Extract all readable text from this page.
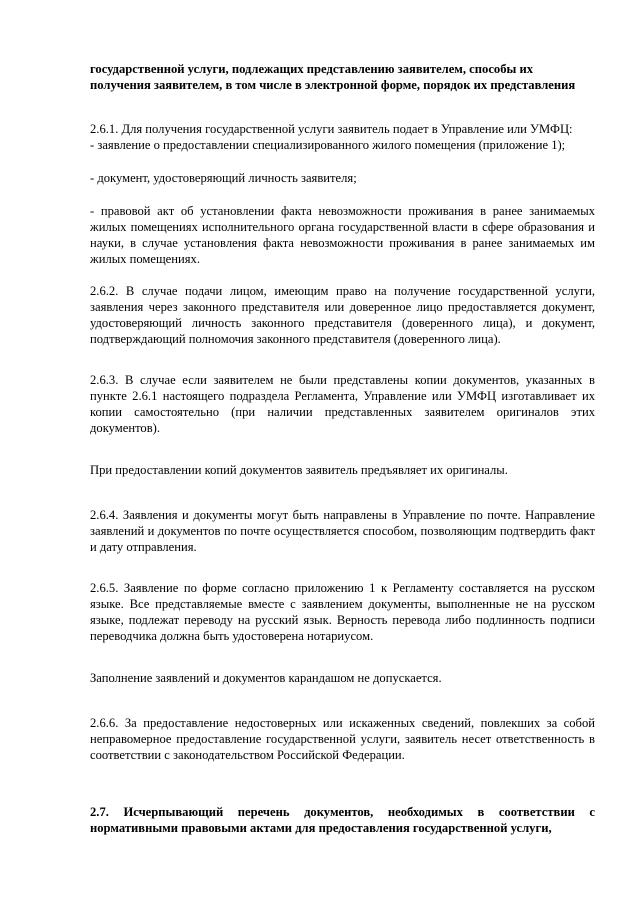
государственной услуги, подлежащих представлению заявителем, способы их

получения заявителем, в том числе в электронной форме, порядок их представления

2.6.1. Для получения государственной услуги заявитель подает в Управление или УМФЦ:

- заявление о предоставлении специализированного жилого помещения (приложение 1);

- документ, удостоверяющий личность заявителя;

- правовой акт об установлении факта невозможности проживания в ранее занимаемых жилых помещениях исполнительного органа государственной власти в сфере образования и науки, в случае установления факта невозможности проживания в ранее занимаемых им жилых помещениях.

2.6.2. В случае подачи лицом, имеющим право на получение государственной услуги, заявления через законного представителя или доверенное лицо предоставляется документ, удостоверяющий личность законного представителя (доверенного лица), и документ, подтверждающий полномочия законного представителя (доверенного лица).
2.6.3. В случае если заявителем не были представлены копии документов, указанных в пункте 2.6.1 настоящего подраздела Регламента, Управление или УМФЦ изготавливает их копии самостоятельно (при наличии представленных заявителем оригиналов этих документов).
При предоставлении копий документов заявитель предъявляет их оригиналы.
2.6.4. Заявления и документы могут быть направлены в Управление по почте. Направление заявлений и документов по почте осуществляется способом, позволяющим подтвердить факт и дату отправления.
2.6.5. Заявление по форме согласно приложению 1 к Регламенту составляется на русском языке. Все представляемые вместе с заявлением документы, выполненные не на русском языке, подлежат переводу на русский язык. Верность перевода либо подлинность подписи переводчика должна быть удостоверена нотариусом.
Заполнение заявлений и документов карандашом не допускается.
2.6.6. За предоставление недостоверных или искаженных сведений, повлекших за собой неправомерное предоставление государственной услуги, заявитель несет ответственность в соответствии с законодательством Российской Федерации.
2.7. Исчерпывающий перечень документов, необходимых в соответствии с нормативными правовыми актами для предоставления государственной услуги,
